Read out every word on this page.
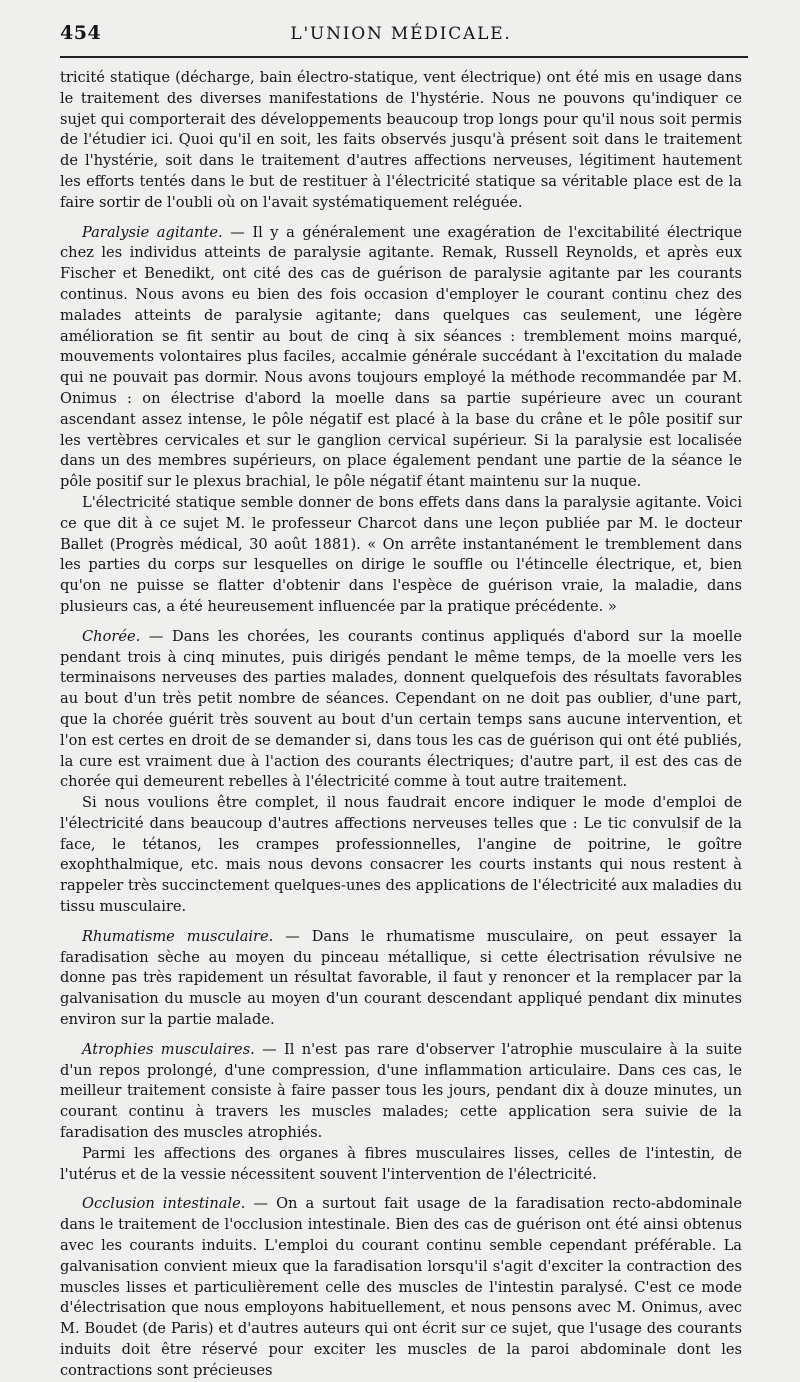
454	L'UNION MÉDICALE.

tricité statique (décharge, bain électro-statique, vent électrique) ont été mis en usage dans le traitement des diverses manifestations de l'hystérie. Nous ne pouvons qu'indiquer ce sujet qui comporterait des développements beaucoup trop longs pour qu'il nous soit permis de l'étudier ici. Quoi qu'il en soit, les faits observés jusqu'à présent soit dans le traitement de l'hystérie, soit dans le traitement d'autres affections nerveuses, légitiment hautement les efforts tentés dans le but de restituer à l'électricité statique sa véritable place est de la faire sortir de l'oubli où on l'avait systématiquement reléguée.

Paralysie agitante. — Il y a généralement une exagération de l'excitabilité électrique chez les individus atteints de paralysie agitante. Remak, Russell Reynolds, et après eux Fischer et Benedikt, ont cité des cas de guérison de paralysie agitante par les courants continus. Nous avons eu bien des fois occasion d'employer le courant continu chez des malades atteints de paralysie agitante; dans quelques cas seulement, une légère amélioration se fit sentir au bout de cinq à six séances : tremblement moins marqué, mouvements volontaires plus faciles, accalmie générale succédant à l'excitation du malade qui ne pouvait pas dormir. Nous avons toujours employé la méthode recommandée par M. Onimus : on électrise d'abord la moelle dans sa partie supérieure avec un courant ascendant assez intense, le pôle négatif est placé à la base du crâne et le pôle positif sur les vertèbres cervicales et sur le ganglion cervical supérieur. Si la paralysie est localisée dans un des membres supérieurs, on place également pendant une partie de la séance le pôle positif sur le plexus brachial, le pôle négatif étant maintenu sur la nuque.

L'électricité statique semble donner de bons effets dans dans la paralysie agitante. Voici ce que dit à ce sujet M. le professeur Charcot dans une leçon publiée par M. le docteur Ballet (Progrès médical, 30 août 1881). « On arrête instantanément le tremblement dans les parties du corps sur lesquelles on dirige le souffle ou l'étincelle électrique, et, bien qu'on ne puisse se flatter d'obtenir dans l'espèce de guérison vraie, la maladie, dans plusieurs cas, a été heureusement influencée par la pratique précédente. »

Chorée. — Dans les chorées, les courants continus appliqués d'abord sur la moelle pendant trois à cinq minutes, puis dirigés pendant le même temps, de la moelle vers les terminaisons nerveuses des parties malades, donnent quelquefois des résultats favorables au bout d'un très petit nombre de séances. Cependant on ne doit pas oublier, d'une part, que la chorée guérit très souvent au bout d'un certain temps sans aucune intervention, et l'on est certes en droit de se demander si, dans tous les cas de guérison qui ont été publiés, la cure est vraiment due à l'action des courants électriques; d'autre part, il est des cas de chorée qui demeurent rebelles à l'électricité comme à tout autre traitement.

Si nous voulions être complet, il nous faudrait encore indiquer le mode d'emploi de l'électricité dans beaucoup d'autres affections nerveuses telles que : Le tic convulsif de la face, le tétanos, les crampes professionnelles, l'angine de poitrine, le goître exophthalmique, etc. mais nous devons consacrer les courts instants qui nous restent à rappeler très succinctement quelques-unes des applications de l'électricité aux maladies du tissu musculaire.

Rhumatisme musculaire. — Dans le rhumatisme musculaire, on peut essayer la faradisation sèche au moyen du pinceau métallique, si cette électrisation révulsive ne donne pas très rapidement un résultat favorable, il faut y renoncer et la remplacer par la galvanisation du muscle au moyen d'un courant descendant appliqué pendant dix minutes environ sur la partie malade.

Atrophies musculaires. — Il n'est pas rare d'observer l'atrophie musculaire à la suite d'un repos prolongé, d'une compression, d'une inflammation articulaire. Dans ces cas, le meilleur traitement consiste à faire passer tous les jours, pendant dix à douze minutes, un courant continu à travers les muscles malades; cette application sera suivie de la faradisation des muscles atrophiés.

Parmi les affections des organes à fibres musculaires lisses, celles de l'intestin, de l'utérus et de la vessie nécessitent souvent l'intervention de l'électricité.

Occlusion intestinale. — On a surtout fait usage de la faradisation recto-abdominale dans le traitement de l'occlusion intestinale. Bien des cas de guérison ont été ainsi obtenus avec les courants induits. L'emploi du courant continu semble cependant préférable. La galvanisation convient mieux que la faradisation lorsqu'il s'agit d'exciter la contraction des muscles lisses et particulièrement celle des muscles de l'intestin paralysé. C'est ce mode d'électrisation que nous employons habituellement, et nous pensons avec M. Onimus, avec M. Boudet (de Paris) et d'autres auteurs qui ont écrit sur ce sujet, que l'usage des courants induits doit être réservé pour exciter les muscles de la paroi abdominale dont les contractions sont précieuses
